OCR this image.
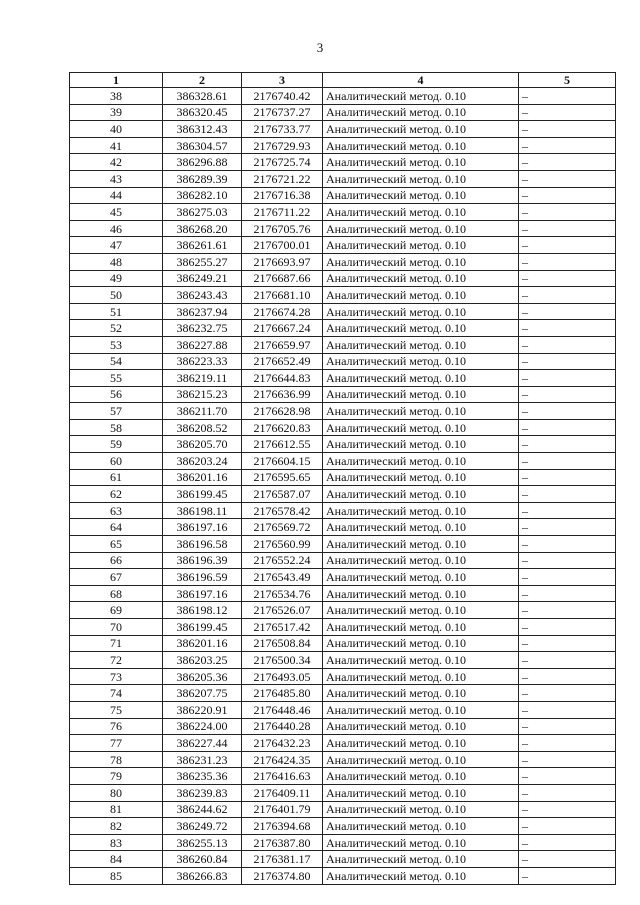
3
1	2	3	4	5
38	386328.61	2176740.42	Аналитический метод. 0.10	–
39	386320.45	2176737.27	Аналитический метод. 0.10	–
40	386312.43	2176733.77	Аналитический метод. 0.10	–
41	386304.57	2176729.93	Аналитический метод. 0.10	–
42	386296.88	2176725.74	Аналитический метод. 0.10	–
43	386289.39	2176721.22	Аналитический метод. 0.10	–
44	386282.10	2176716.38	Аналитический метод. 0.10	–
45	386275.03	2176711.22	Аналитический метод. 0.10	–
46	386268.20	2176705.76	Аналитический метод. 0.10	–
47	386261.61	2176700.01	Аналитический метод. 0.10	–
48	386255.27	2176693.97	Аналитический метод. 0.10	–
49	386249.21	2176687.66	Аналитический метод. 0.10	–
50	386243.43	2176681.10	Аналитический метод. 0.10	–
51	386237.94	2176674.28	Аналитический метод. 0.10	–
52	386232.75	2176667.24	Аналитический метод. 0.10	–
53	386227.88	2176659.97	Аналитический метод. 0.10	–
54	386223.33	2176652.49	Аналитический метод. 0.10	–
55	386219.11	2176644.83	Аналитический метод. 0.10	–
56	386215.23	2176636.99	Аналитический метод. 0.10	–
57	386211.70	2176628.98	Аналитический метод. 0.10	–
58	386208.52	2176620.83	Аналитический метод. 0.10	–
59	386205.70	2176612.55	Аналитический метод. 0.10	–
60	386203.24	2176604.15	Аналитический метод. 0.10	–
61	386201.16	2176595.65	Аналитический метод. 0.10	–
62	386199.45	2176587.07	Аналитический метод. 0.10	–
63	386198.11	2176578.42	Аналитический метод. 0.10	–
64	386197.16	2176569.72	Аналитический метод. 0.10	–
65	386196.58	2176560.99	Аналитический метод. 0.10	–
66	386196.39	2176552.24	Аналитический метод. 0.10	–
67	386196.59	2176543.49	Аналитический метод. 0.10	–
68	386197.16	2176534.76	Аналитический метод. 0.10	–
69	386198.12	2176526.07	Аналитический метод. 0.10	–
70	386199.45	2176517.42	Аналитический метод. 0.10	–
71	386201.16	2176508.84	Аналитический метод. 0.10	–
72	386203.25	2176500.34	Аналитический метод. 0.10	–
73	386205.36	2176493.05	Аналитический метод. 0.10	–
74	386207.75	2176485.80	Аналитический метод. 0.10	–
75	386220.91	2176448.46	Аналитический метод. 0.10	–
76	386224.00	2176440.28	Аналитический метод. 0.10	–
77	386227.44	2176432.23	Аналитический метод. 0.10	–
78	386231.23	2176424.35	Аналитический метод. 0.10	–
79	386235.36	2176416.63	Аналитический метод. 0.10	–
80	386239.83	2176409.11	Аналитический метод. 0.10	–
81	386244.62	2176401.79	Аналитический метод. 0.10	–
82	386249.72	2176394.68	Аналитический метод. 0.10	–
83	386255.13	2176387.80	Аналитический метод. 0.10	–
84	386260.84	2176381.17	Аналитический метод. 0.10	–
85	386266.83	2176374.80	Аналитический метод. 0.10	–
